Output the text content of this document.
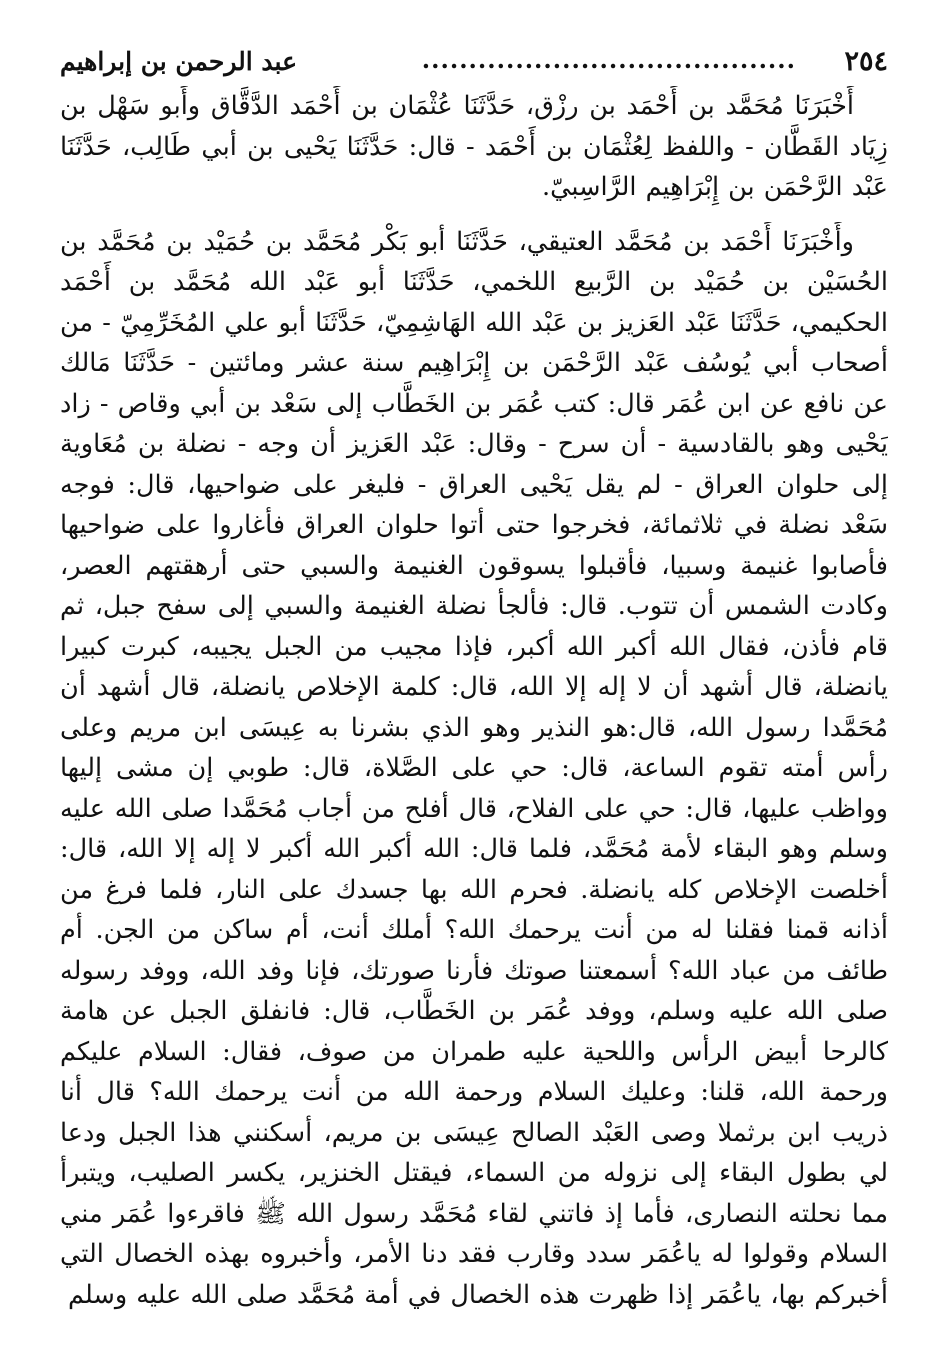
٢٥٤
........................................
عبد الرحمن بن إبراهيم

أَخْبَرَنَا مُحَمَّد بن أَحْمَد بن رزْق، حَدَّثَنَا عُثْمَان بن أَحْمَد الدَّقَّاق وأَبو سَهْل بن زِيَاد القَطَّان - واللفظ لِعُثْمَان بن أَحْمَد - قال: حَدَّثَنَا يَحْيى بن أبي طَالِب، حَدَّثَنَا عَبْد الرَّحْمَن بن إِبْرَاهِيم الرَّاسِبيّ.

وأَخْبَرَنَا أَحْمَد بن مُحَمَّد العتيقي، حَدَّثَنَا أبو بَكْر مُحَمَّد بن حُمَيْد بن مُحَمَّد بن الحُسَيْن بن حُمَيْد بن الرَّبيع اللخمي، حَدَّثَنَا أبو عَبْد الله مُحَمَّد بن أَحْمَد الحكيمي، حَدَّثَنَا عَبْد العَزيز بن عَبْد الله الهَاشِمِيّ، حَدَّثَنَا أبو علي المُخَرِّمِيّ - من أصحاب أبي يُوسُف عَبْد الرَّحْمَن بن إِبْرَاهِيم سنة عشر ومائتين - حَدَّثَنَا مَالك عن نافع عن ابن عُمَر قال: كتب عُمَر بن الخَطَّاب إلى سَعْد بن أبي وقاص - زاد يَحْيى وهو بالقادسية - أن سرح - وقال: عَبْد العَزيز أن وجه - نضلة بن مُعَاوية إلى حلوان العراق - لم يقل يَحْيى العراق - فليغر على ضواحيها، قال: فوجه سَعْد نضلة في ثلاثمائة، فخرجوا حتى أتوا حلوان العراق فأغاروا على ضواحيها فأصابوا غنيمة وسبيا، فأقبلوا يسوقون الغنيمة والسبي حتى أرهقتهم العصر، وكادت الشمس أن تتوب. قال: فألجأ نضلة الغنيمة والسبي إلى سفح جبل، ثم قام فأذن، فقال الله أكبر الله أكبر، فإذا مجيب من الجبل يجيبه، كبرت كبيرا يانضلة، قال أشهد أن لا إله إلا الله، قال: كلمة الإخلاص يانضلة، قال أشهد أن مُحَمَّدا رسول الله، قال:هو النذير وهو الذي بشرنا به عِيسَى ابن مريم وعلى رأس أمته تقوم الساعة، قال: حي على الصَّلاة، قال: طوبي إن مشى إليها وواظب عليها، قال: حي على الفلاح، قال أفلح من أجاب مُحَمَّدا صلى الله عليه وسلم وهو البقاء لأمة مُحَمَّد، فلما قال: الله أكبر الله أكبر لا إله إلا الله، قال: أخلصت الإخلاص كله يانضلة. فحرم الله بها جسدك على النار، فلما فرغ من أذانه قمنا فقلنا له من أنت يرحمك الله؟ أملك أنت، أم ساكن من الجن. أم طائف من عباد الله؟ أسمعتنا صوتك فأرنا صورتك، فإنا وفد الله، ووفد رسوله صلى الله عليه وسلم، ووفد عُمَر بن الخَطَّاب، قال: فانفلق الجبل عن هامة كالرحا أبيض الرأس واللحية عليه طمران من صوف، فقال: السلام عليكم ورحمة الله، قلنا: وعليك السلام ورحمة الله من أنت يرحمك الله؟ قال أنا ذريب ابن برثملا وصى العَبْد الصالح عِيسَى بن مريم، أسكنني هذا الجبل ودعا لي بطول البقاء إلى نزوله من السماء، فيقتل الخنزير، يكسر الصليب، ويتبرأ مما نحلته النصارى، فأما إذ فاتني لقاء مُحَمَّد رسول الله ﷺ فاقرءوا عُمَر مني السلام وقولوا له ياعُمَر سدد وقارب فقد دنا الأمر، وأخبروه بهذه الخصال التي أخبركم بها، ياعُمَر إذا ظهرت هذه الخصال في أمة مُحَمَّد صلى الله عليه وسلم
